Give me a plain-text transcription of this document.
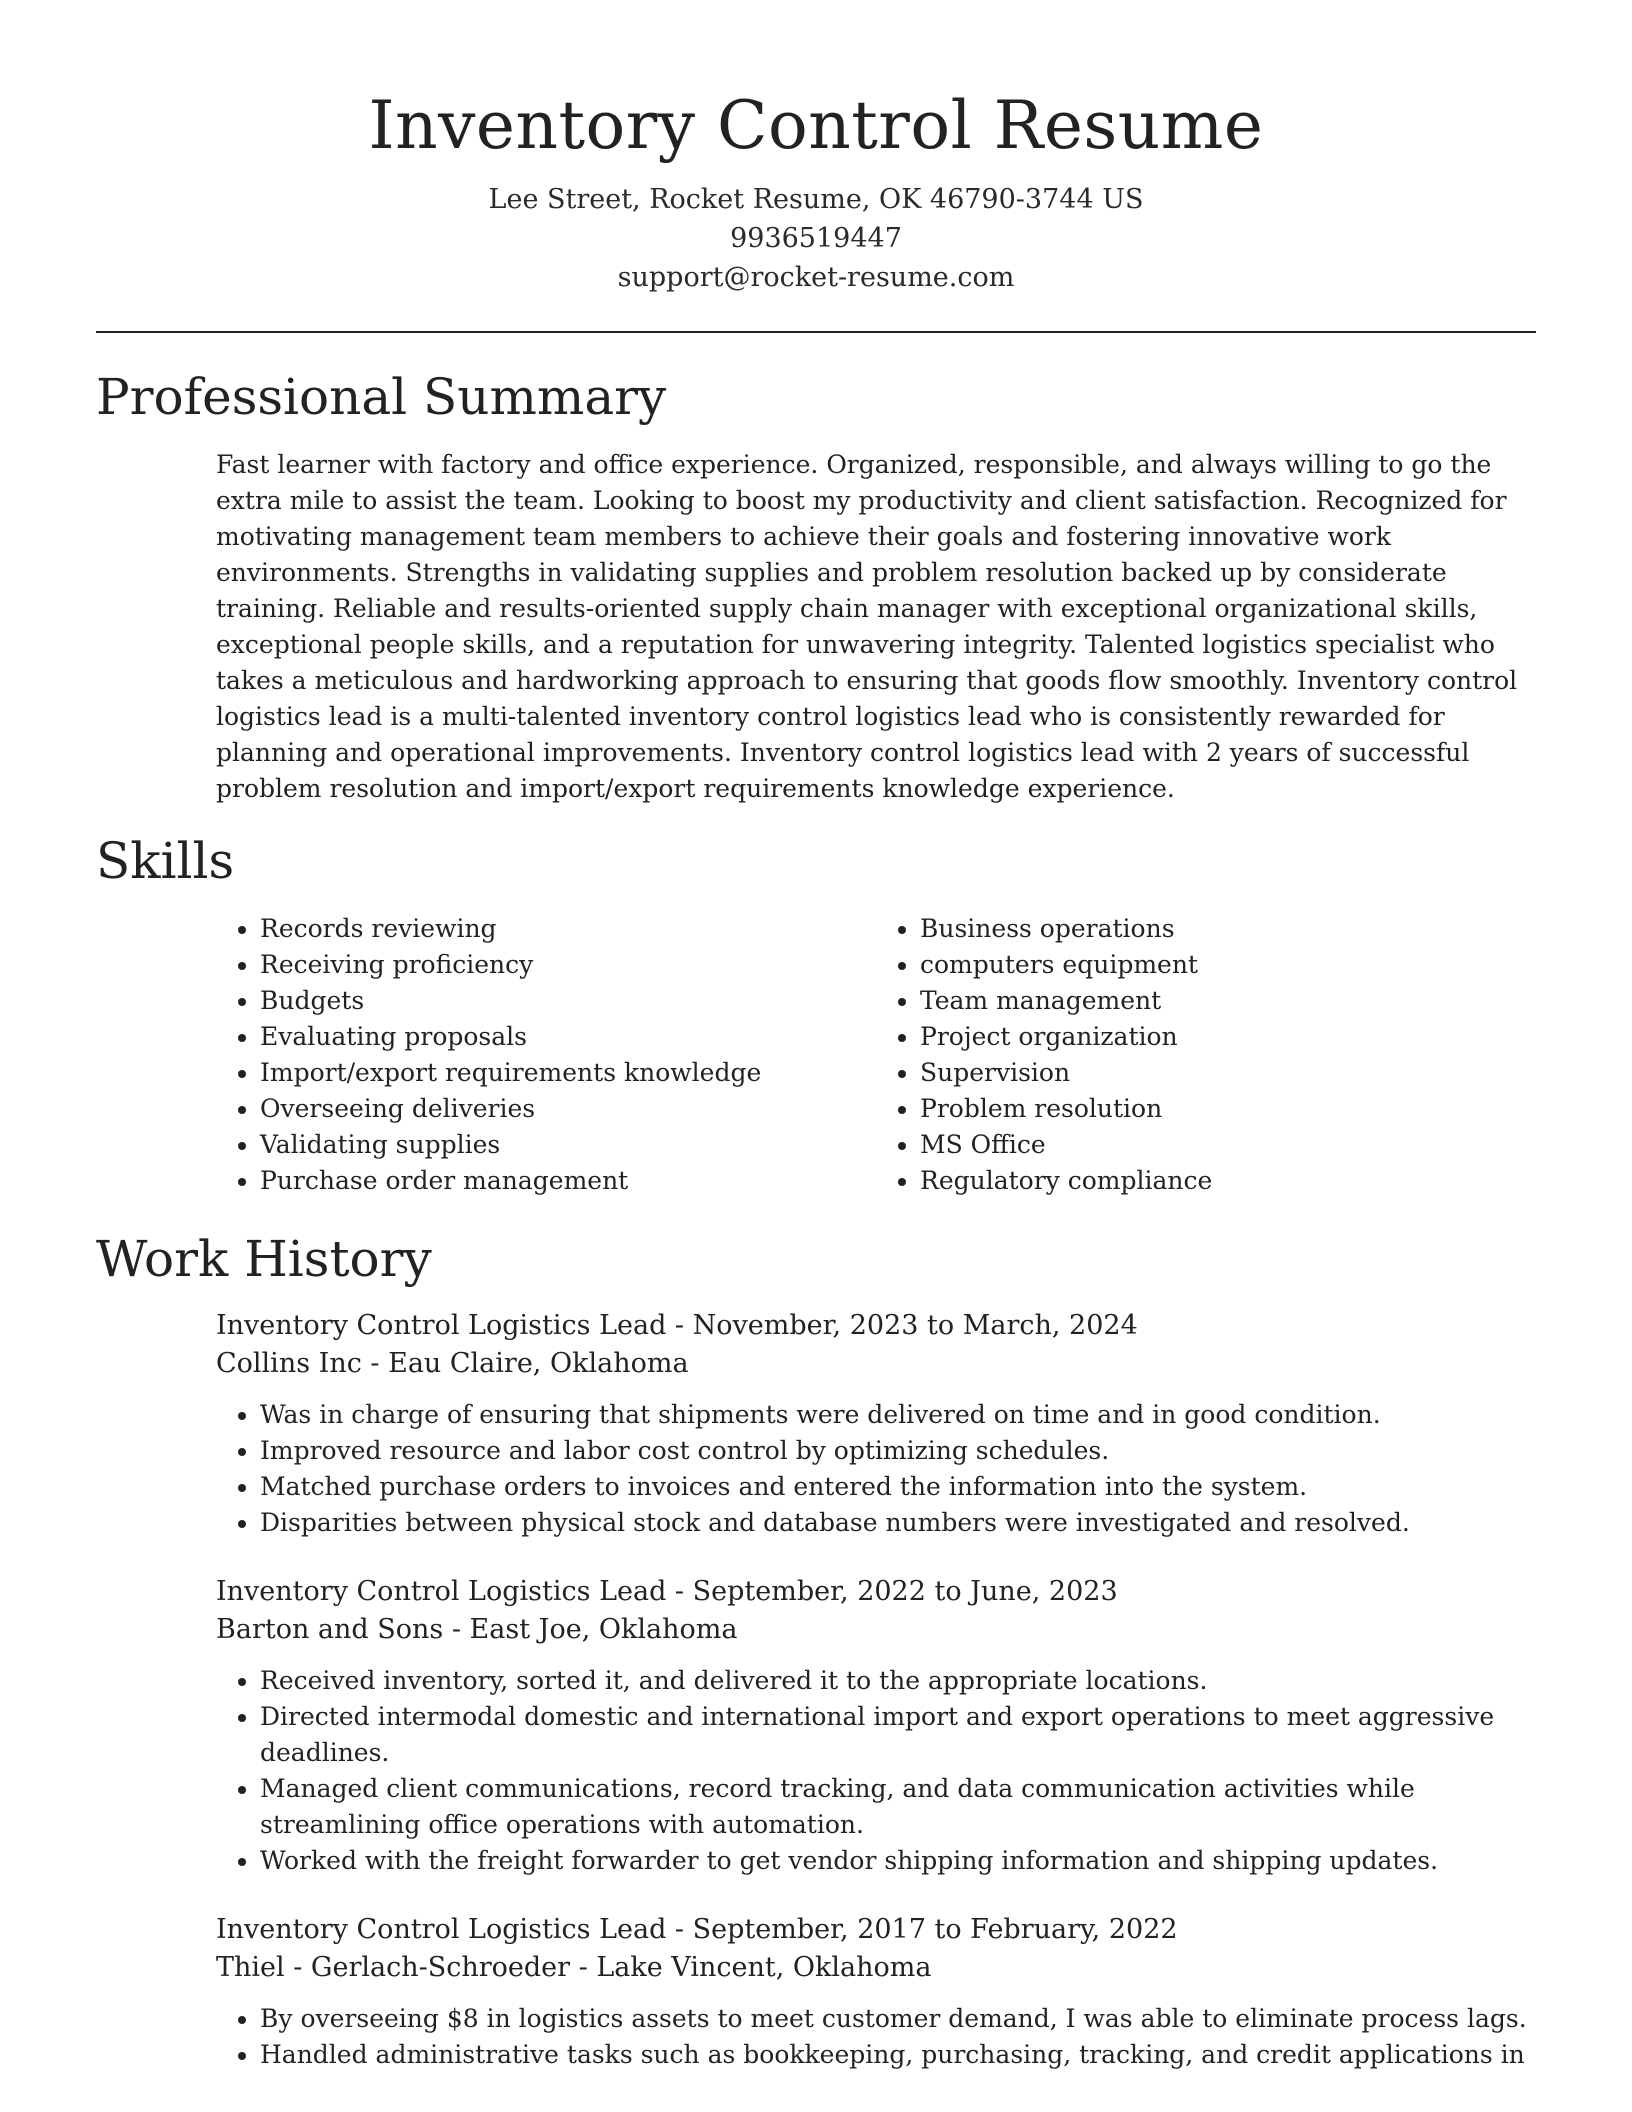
Inventory Control Resume

Lee Street, Rocket Resume, OK 46790-3744 US

9936519447

support@rocket-resume.com

Professional Summary

Fast learner with factory and office experience. Organized, responsible, and always willing to go the extra mile to assist the team. Looking to boost my productivity and client satisfaction. Recognized for motivating management team members to achieve their goals and fostering innovative work environments. Strengths in validating supplies and problem resolution backed up by considerate training. Reliable and results-oriented supply chain manager with exceptional organizational skills, exceptional people skills, and a reputation for unwavering integrity. Talented logistics specialist who takes a meticulous and hardworking approach to ensuring that goods flow smoothly. Inventory control logistics lead is a multi-talented inventory control logistics lead who is consistently rewarded for planning and operational improvements. Inventory control logistics lead with 2 years of successful problem resolution and import/export requirements knowledge experience.

Skills
• Records reviewing
• Receiving proficiency
• Budgets
• Evaluating proposals
• Import/export requirements knowledge
• Overseeing deliveries
• Validating supplies
• Purchase order management
• Business operations
• computers equipment
• Team management
• Project organization
• Supervision
• Problem resolution
• MS Office
• Regulatory compliance
Work History

Inventory Control Logistics Lead - November, 2023 to March, 2024

Collins Inc - Eau Claire, Oklahoma

• Was in charge of ensuring that shipments were delivered on time and in good condition.
• Improved resource and labor cost control by optimizing schedules.
• Matched purchase orders to invoices and entered the information into the system.
• Disparities between physical stock and database numbers were investigated and resolved.

Inventory Control Logistics Lead - September, 2022 to June, 2023

Barton and Sons - East Joe, Oklahoma

• Received inventory, sorted it, and delivered it to the appropriate locations.
• Directed intermodal domestic and international import and export operations to meet aggressive deadlines.
• Managed client communications, record tracking, and data communication activities while streamlining office operations with automation.
• Worked with the freight forwarder to get vendor shipping information and shipping updates.

Inventory Control Logistics Lead - September, 2017 to February, 2022

Thiel - Gerlach-Schroeder - Lake Vincent, Oklahoma

• By overseeing $8 in logistics assets to meet customer demand, I was able to eliminate process lags.
• Handled administrative tasks such as bookkeeping, purchasing, tracking, and credit applications in
